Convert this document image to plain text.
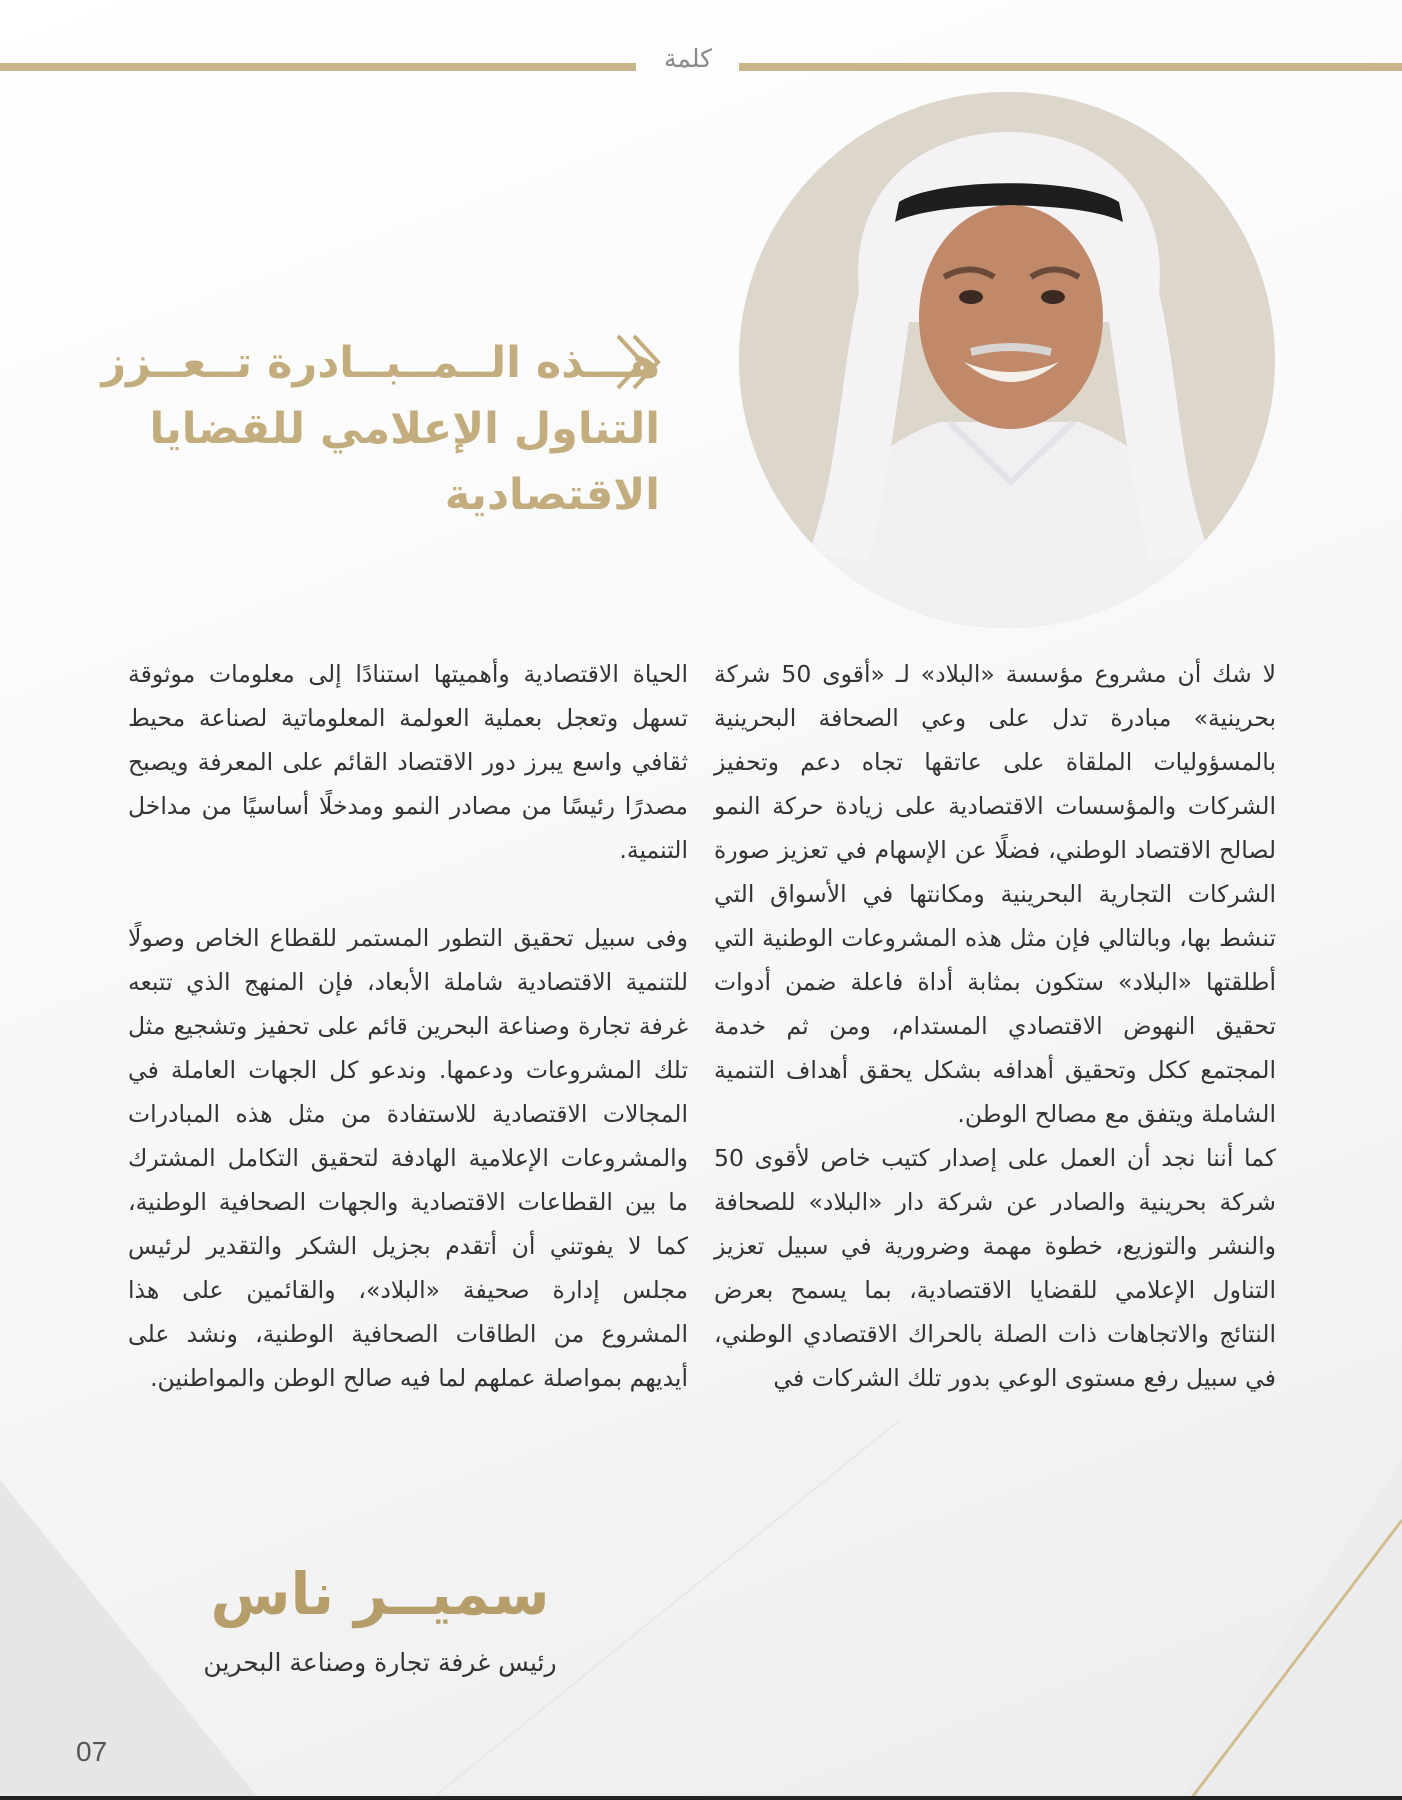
كلمة
هـــذه الــمــبــادرة تــعــزز
التناول الإعلامي للقضايا
الاقتصادية

لا شك أن مشروع مؤسسة «البلاد» لـ «أقوى 50 شركة بحرينية» مبادرة تدل على وعي الصحافة البحرينية بالمسؤوليات الملقاة على عاتقها تجاه دعم وتحفيز الشركات والمؤسسات الاقتصادية على زيادة حركة النمو لصالح الاقتصاد الوطني، فضلًا عن الإسهام في تعزيز صورة الشركات التجارية البحرينية ومكانتها في الأسواق التي تنشط بها، وبالتالي فإن مثل هذه المشروعات الوطنية التي أطلقتها «البلاد» ستكون بمثابة أداة فاعلة ضمن أدوات تحقيق النهوض الاقتصادي المستدام، ومن ثم خدمة المجتمع ككل وتحقيق أهدافه بشكل يحقق أهداف التنمية الشاملة ويتفق مع مصالح الوطن.

كما أننا نجد أن العمل على إصدار كتيب خاص لأقوى 50 شركة بحرينية والصادر عن شركة دار «البلاد» للصحافة والنشر والتوزيع، خطوة مهمة وضرورية في سبيل تعزيز التناول الإعلامي للقضايا الاقتصادية، بما يسمح بعرض النتائج والاتجاهات ذات الصلة بالحراك الاقتصادي الوطني، في سبيل رفع مستوى الوعي بدور تلك الشركات في

الحياة الاقتصادية وأهميتها استنادًا إلى معلومات موثوقة تسهل وتعجل بعملية العولمة المعلوماتية لصناعة محيط ثقافي واسع يبرز دور الاقتصاد القائم على المعرفة ويصبح مصدرًا رئيسًا من مصادر النمو ومدخلًا أساسيًا من مداخل التنمية.

وفى سبيل تحقيق التطور المستمر للقطاع الخاص وصولًا للتنمية الاقتصادية شاملة الأبعاد، فإن المنهج الذي تتبعه غرفة تجارة وصناعة البحرين قائم على تحفيز وتشجيع مثل تلك المشروعات ودعمها. وندعو كل الجهات العاملة في المجالات الاقتصادية للاستفادة من مثل هذه المبادرات والمشروعات الإعلامية الهادفة لتحقيق التكامل المشترك ما بين القطاعات الاقتصادية والجهات الصحافية الوطنية، كما لا يفوتني أن أتقدم بجزيل الشكر والتقدير لرئيس مجلس إدارة صحيفة «البلاد»، والقائمين على هذا المشروع من الطاقات الصحافية الوطنية، ونشد على أيديهم بمواصلة عملهم لما فيه صالح الوطن والمواطنين.

سميــر ناس
رئيس غرفة تجارة وصناعة البحرين
07
